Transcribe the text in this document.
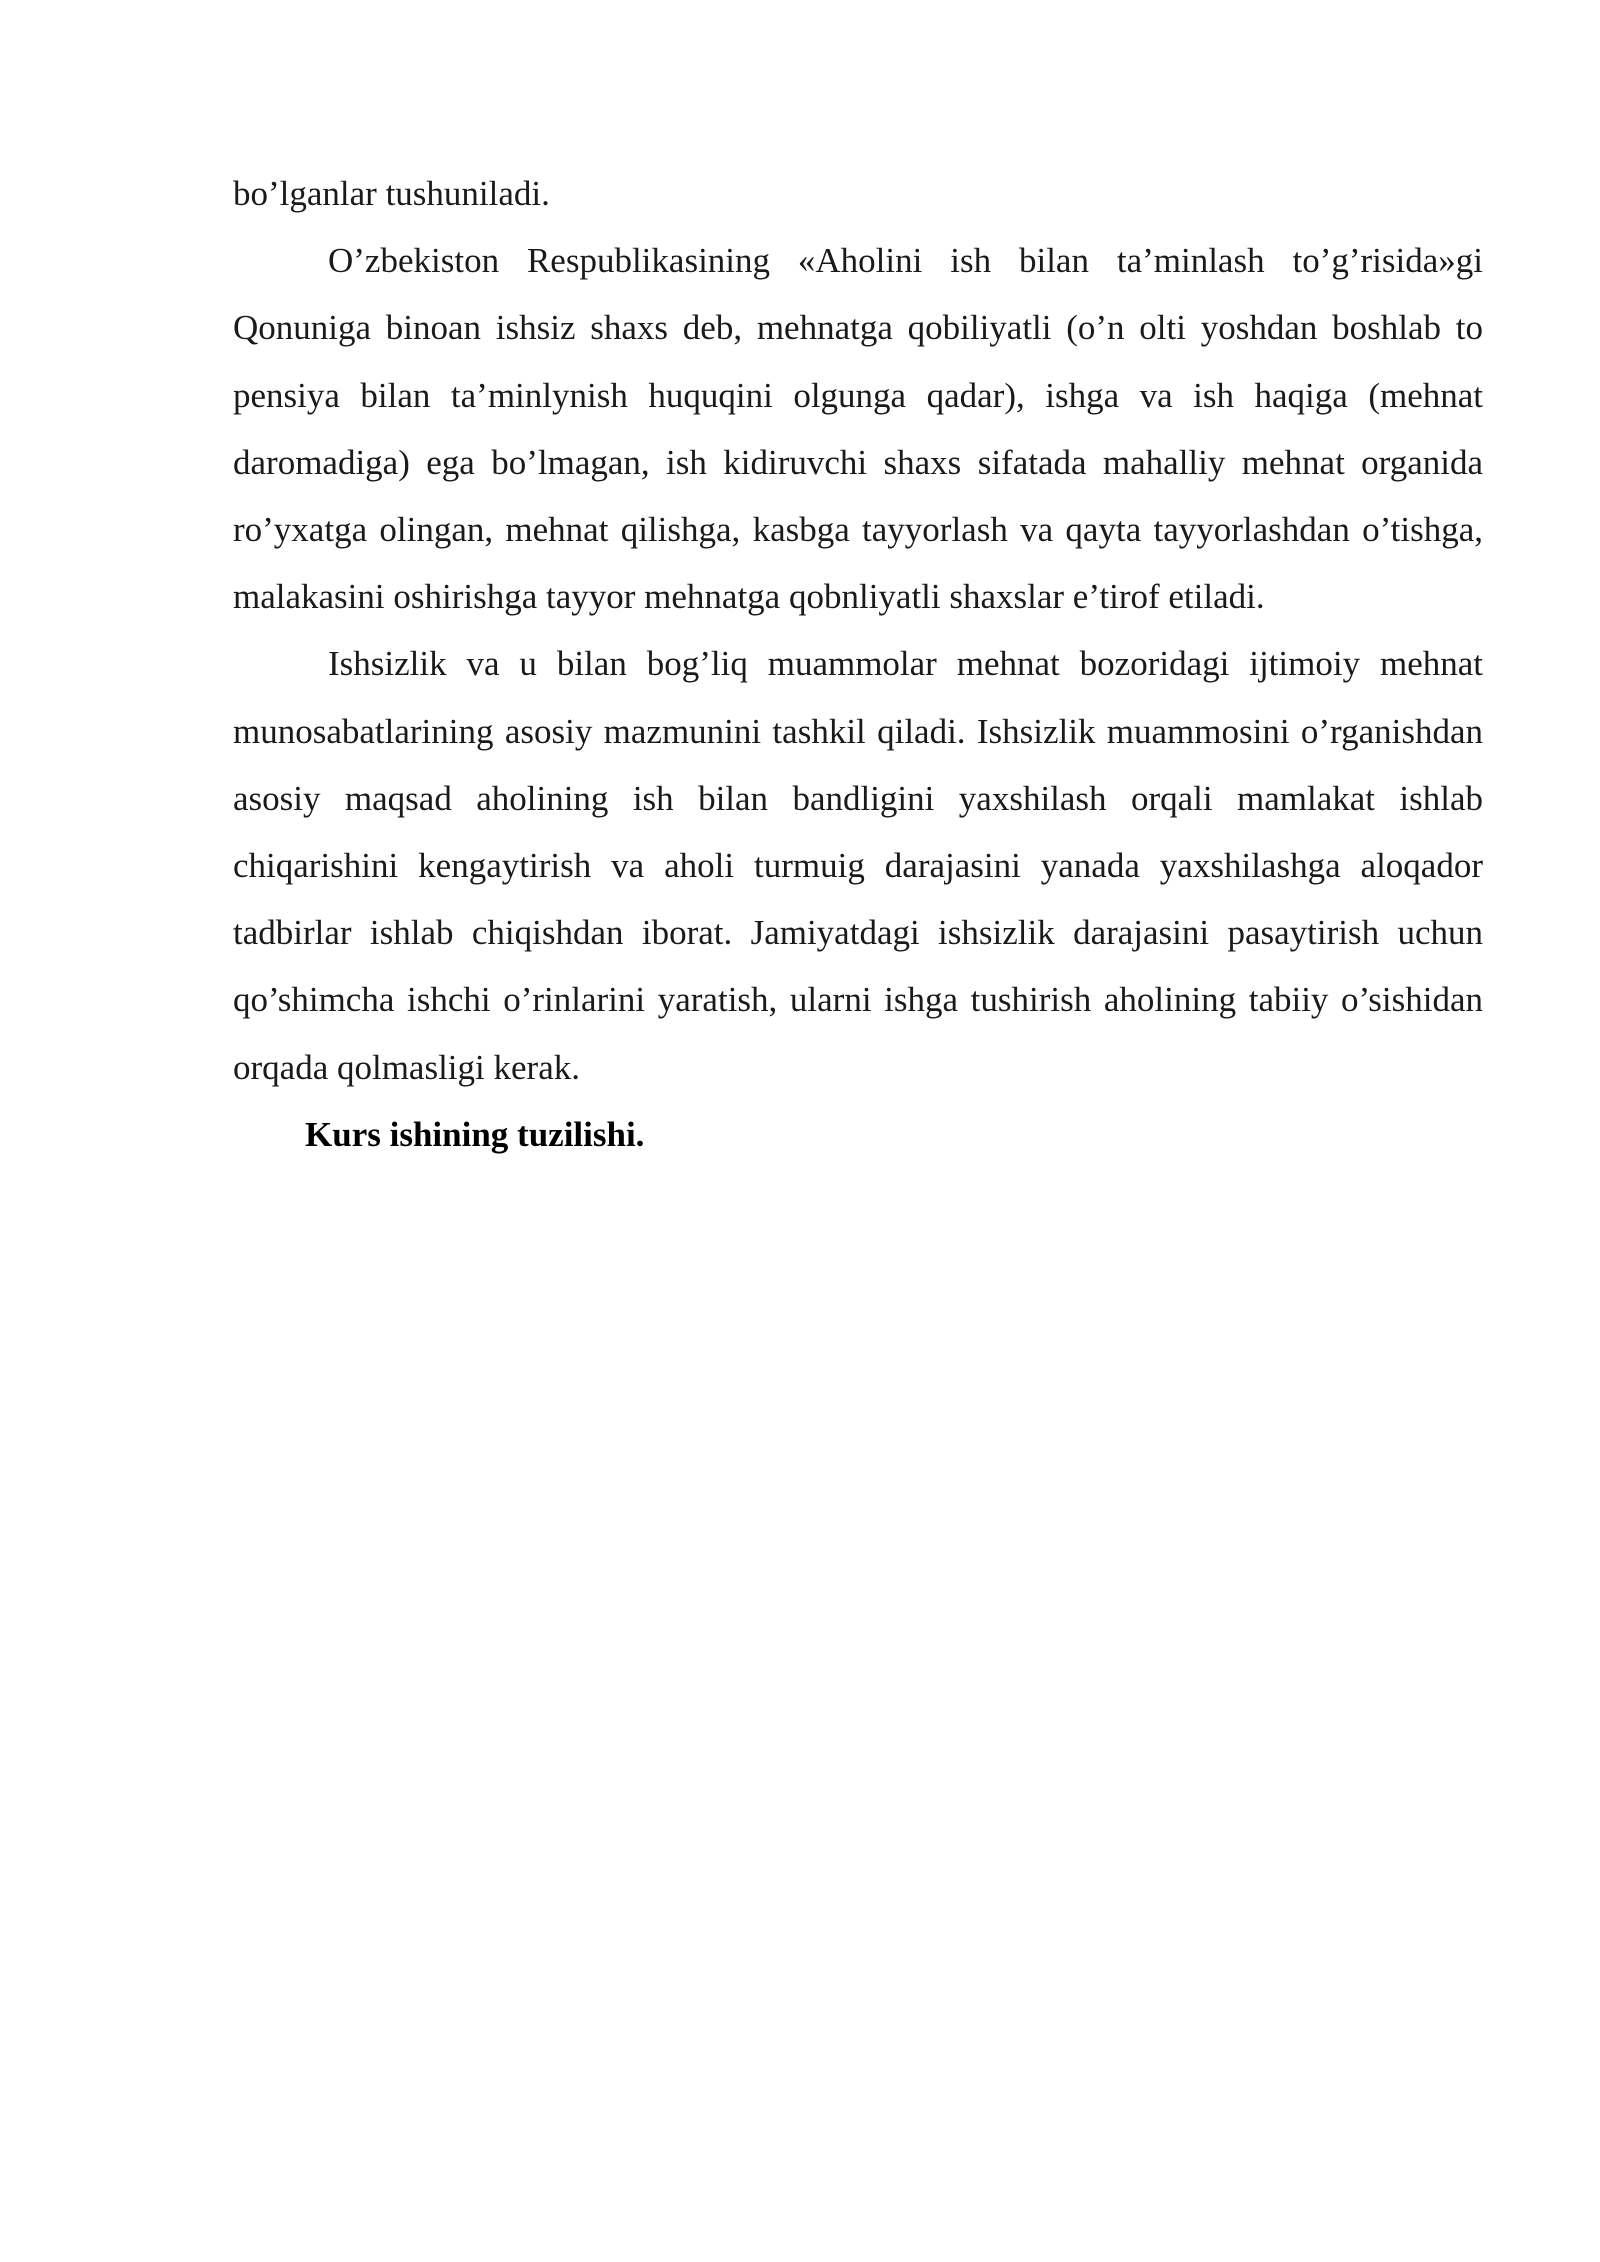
bo’lganlar tushuniladi.

O’zbekiston Respublikasining «Aholini ish bilan ta’minlash to’g’risida»gi Qonuniga binoan ishsiz shaxs deb, mehnatga qobiliyatli (o’n olti yoshdan boshlab to pensiya bilan ta’minlynish huquqini olgunga qadar), ishga va ish haqiga (mehnat daromadiga) ega bo’lmagan, ish kidiruvchi shaxs sifatada mahalliy mehnat organida ro’yxatga olingan, mehnat qilishga, kasbga tayyorlash va qayta tayyorlashdan o’tishga, malakasini oshirishga tayyor mehnatga qobnliyatli shaxslar e’tirof etiladi.

Ishsizlik va u bilan bog’liq muammolar mehnat bozoridagi ijtimoiy mehnat munosabatlarining asosiy mazmunini tashkil qiladi. Ishsizlik muammosini o’rganishdan asosiy maqsad aholining ish bilan bandligini yaxshilash orqali mamlakat ishlab chiqarishini kengaytirish va aholi turmuig darajasini yanada yaxshilashga aloqador tadbirlar ishlab chiqishdan iborat. Jamiyatdagi ishsizlik darajasini pasaytirish uchun qo’shimcha ishchi o’rinlarini yaratish, ularni ishga tushirish aholining tabiiy o’sishidan orqada qolmasligi kerak.

Kurs ishining tuzilishi.
